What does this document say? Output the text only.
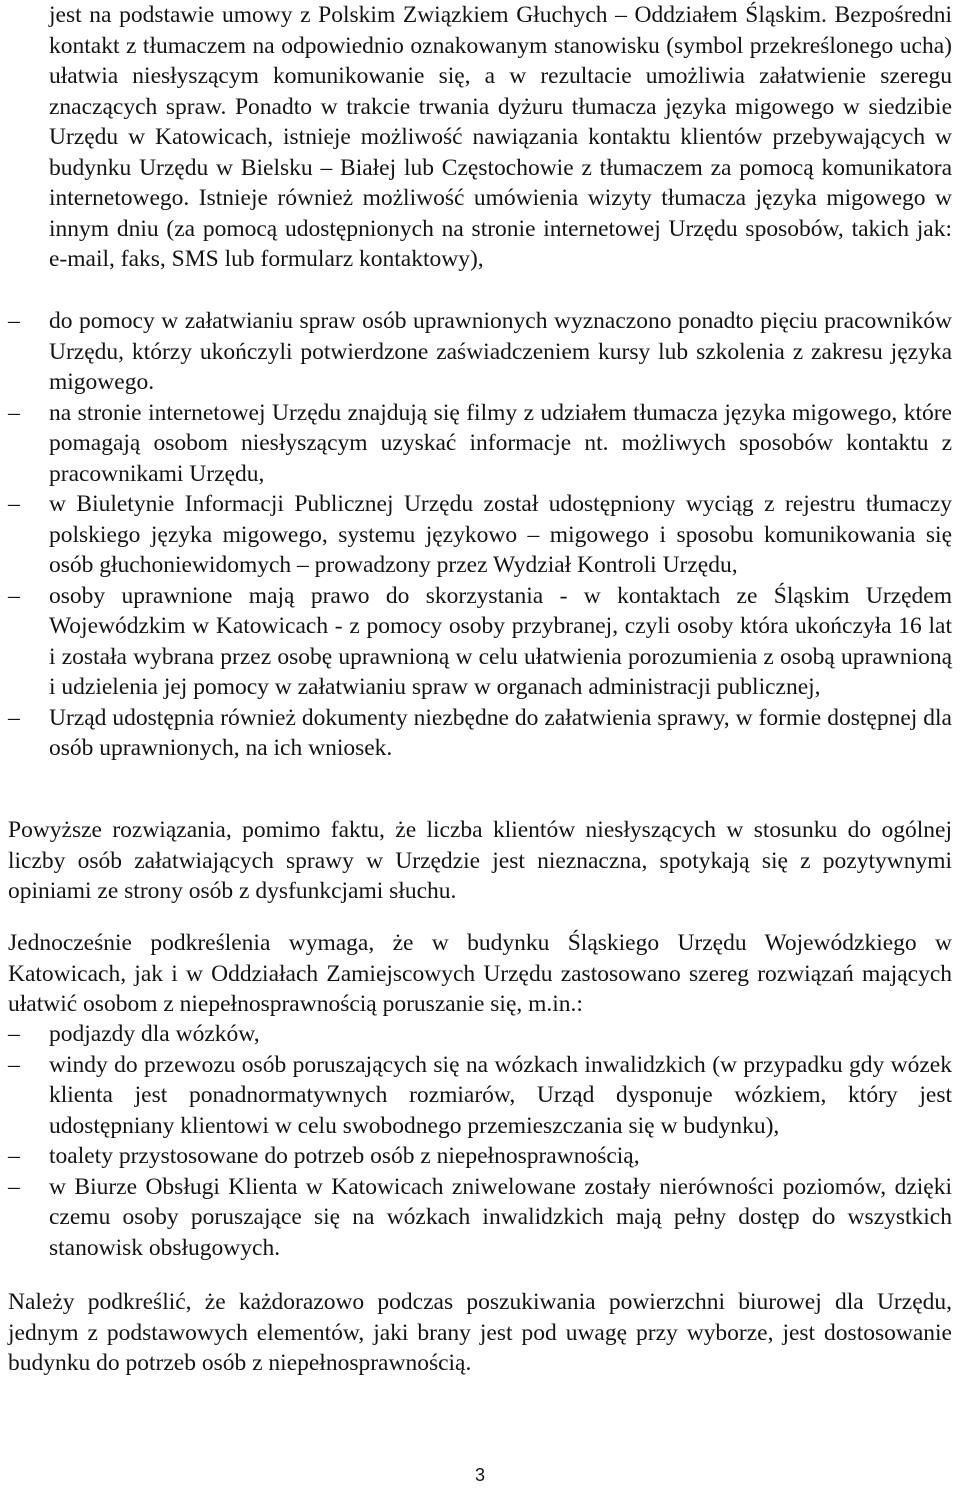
jest na podstawie umowy z Polskim Związkiem Głuchych – Oddziałem Śląskim. Bezpośredni kontakt z tłumaczem na odpowiednio oznakowanym stanowisku (symbol przekreślonego ucha) ułatwia niesłyszącym komunikowanie się, a w rezultacie umożliwia załatwienie szeregu znaczących spraw. Ponadto w trakcie trwania dyżuru tłumacza języka migowego w siedzibie Urzędu w Katowicach, istnieje możliwość nawiązania kontaktu klientów przebywających w budynku Urzędu w Bielsku – Białej lub Częstochowie z tłumaczem za pomocą komunikatora internetowego. Istnieje również możliwość umówienia wizyty tłumacza języka migowego w innym dniu (za pomocą udostępnionych na stronie internetowej Urzędu sposobów, takich jak: e-mail, faks, SMS lub formularz kontaktowy),
– do pomocy w załatwianiu spraw osób uprawnionych wyznaczono ponadto pięciu pracowników Urzędu, którzy ukończyli potwierdzone zaświadczeniem kursy lub szkolenia z zakresu języka migowego.
– na stronie internetowej Urzędu znajdują się filmy z udziałem tłumacza języka migowego, które pomagają osobom niesłyszącym uzyskać informacje nt. możliwych sposobów kontaktu z pracownikami Urzędu,
– w Biuletynie Informacji Publicznej Urzędu został udostępniony wyciąg z rejestru tłumaczy polskiego języka migowego, systemu językowo – migowego i sposobu komunikowania się osób głuchoniewidomych – prowadzony przez Wydział Kontroli Urzędu,
– osoby uprawnione mają prawo do skorzystania - w kontaktach ze Śląskim Urzędem Wojewódzkim w Katowicach - z pomocy osoby przybranej, czyli osoby która ukończyła 16 lat i została wybrana przez osobę uprawnioną w celu ułatwienia porozumienia z osobą uprawnioną i udzielenia jej pomocy w załatwianiu spraw w organach administracji publicznej,
– Urząd udostępnia również dokumenty niezbędne do załatwienia sprawy, w formie dostępnej dla osób uprawnionych, na ich wniosek.
Powyższe rozwiązania, pomimo faktu, że liczba klientów niesłyszących w stosunku do ogólnej liczby osób załatwiających sprawy w Urzędzie jest nieznaczna, spotykają się z pozytywnymi opiniami ze strony osób z dysfunkcjami słuchu.
Jednocześnie podkreślenia wymaga, że w budynku Śląskiego Urzędu Wojewódzkiego w Katowicach, jak i w Oddziałach Zamiejscowych Urzędu zastosowano szereg rozwiązań mających ułatwić osobom z niepełnosprawnością poruszanie się, m.in.:
– podjazdy dla wózków,
– windy do przewozu osób poruszających się na wózkach inwalidzkich (w przypadku gdy wózek klienta jest ponadnormatywnych rozmiarów, Urząd dysponuje wózkiem, który jest udostępniany klientowi w celu swobodnego przemieszczania się w budynku),
– toalety przystosowane do potrzeb osób z niepełnosprawnością,
– w Biurze Obsługi Klienta w Katowicach zniwelowane zostały nierówności poziomów, dzięki czemu osoby poruszające się na wózkach inwalidzkich mają pełny dostęp do wszystkich stanowisk obsługowych.
Należy podkreślić, że każdorazowo podczas poszukiwania powierzchni biurowej dla Urzędu, jednym z podstawowych elementów, jaki brany jest pod uwagę przy wyborze, jest dostosowanie budynku do potrzeb osób z niepełnosprawnością.
3
